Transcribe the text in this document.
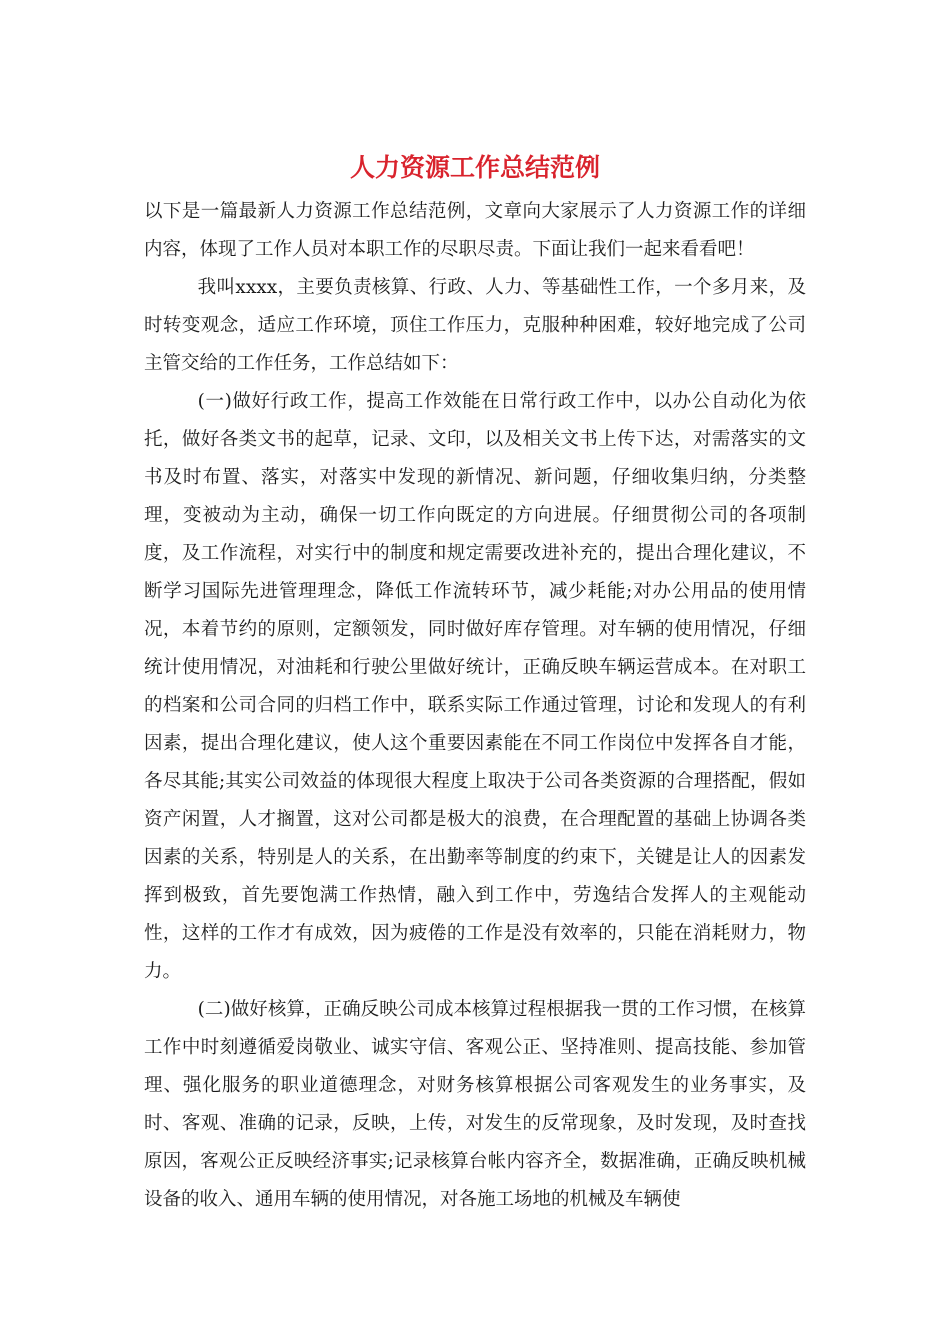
人力资源工作总结范例

以下是一篇最新人力资源工作总结范例，文章向大家展示了人力资源工作的详细内容，体现了工作人员对本职工作的尽职尽责。下面让我们一起来看看吧！

我叫xxxx，主要负责核算、行政、人力、等基础性工作，一个多月来，及时转变观念，适应工作环境，顶住工作压力，克服种种困难，较好地完成了公司主管交给的工作任务，工作总结如下：

(一)做好行政工作，提高工作效能在日常行政工作中，以办公自动化为依托，做好各类文书的起草，记录、文印，以及相关文书上传下达，对需落实的文书及时布置、落实，对落实中发现的新情况、新问题，仔细收集归纳，分类整理，变被动为主动，确保一切工作向既定的方向进展。仔细贯彻公司的各项制度，及工作流程，对实行中的制度和规定需要改进补充的，提出合理化建议，不断学习国际先进管理理念，降低工作流转环节，减少耗能;对办公用品的使用情况，本着节约的原则，定额领发，同时做好库存管理。对车辆的使用情况，仔细统计使用情况，对油耗和行驶公里做好统计，正确反映车辆运营成本。在对职工的档案和公司合同的归档工作中，联系实际工作通过管理，讨论和发现人的有利因素，提出合理化建议，使人这个重要因素能在不同工作岗位中发挥各自才能，各尽其能;其实公司效益的体现很大程度上取决于公司各类资源的合理搭配，假如资产闲置，人才搁置，这对公司都是极大的浪费，在合理配置的基础上协调各类因素的关系，特别是人的关系，在出勤率等制度的约束下，关键是让人的因素发挥到极致，首先要饱满工作热情，融入到工作中，劳逸结合发挥人的主观能动性，这样的工作才有成效，因为疲倦的工作是没有效率的，只能在消耗财力，物力。

(二)做好核算，正确反映公司成本核算过程根据我一贯的工作习惯，在核算工作中时刻遵循爱岗敬业、诚实守信、客观公正、坚持准则、提高技能、参加管理、强化服务的职业道德理念，对财务核算根据公司客观发生的业务事实，及时、客观、准确的记录，反映，上传，对发生的反常现象，及时发现，及时查找原因，客观公正反映经济事实;记录核算台帐内容齐全，数据准确，正确反映机械设备的收入、通用车辆的使用情况，对各施工场地的机械及车辆使
